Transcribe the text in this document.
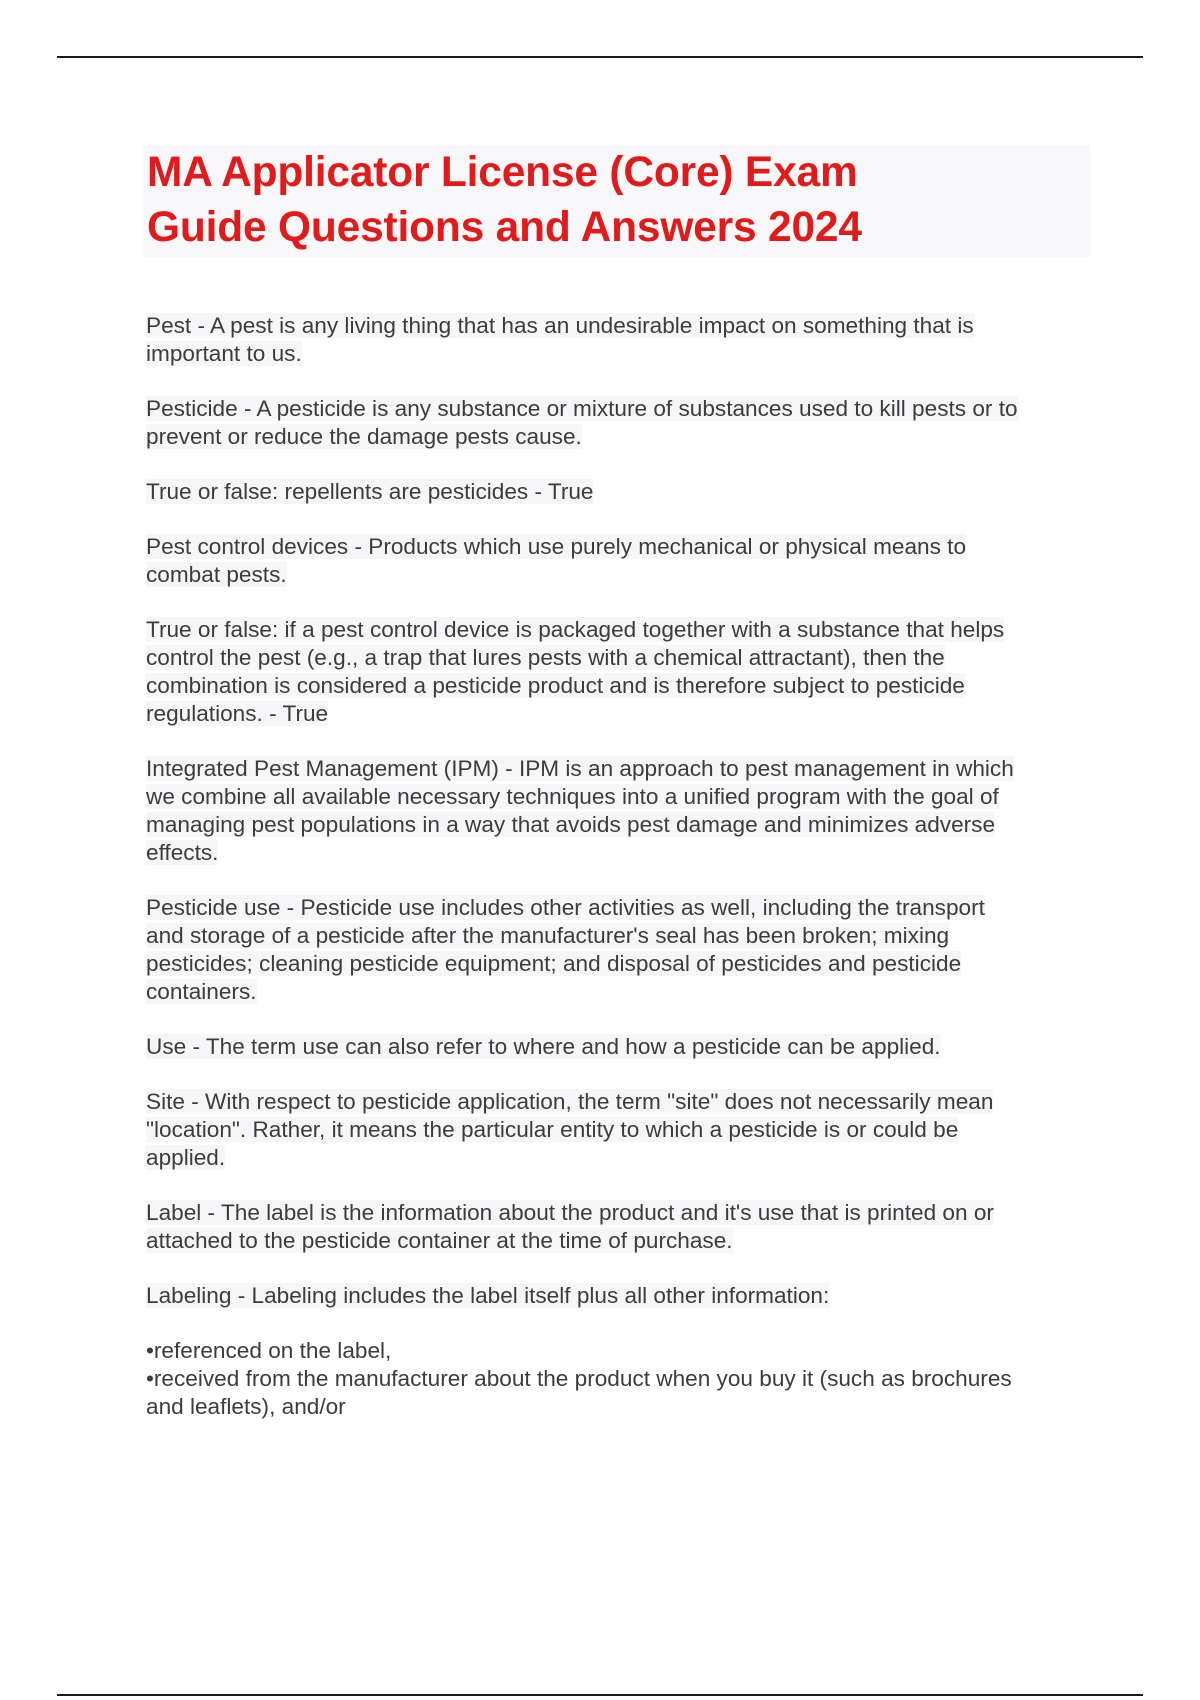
MA Applicator License (Core) Exam
Guide Questions and Answers 2024
Pest - A pest is any living thing that has an undesirable impact on something that is
important to us.
Pesticide - A pesticide is any substance or mixture of substances used to kill pests or to
prevent or reduce the damage pests cause.
True or false: repellents are pesticides - True
Pest control devices - Products which use purely mechanical or physical means to
combat pests.
True or false: if a pest control device is packaged together with a substance that helps
control the pest (e.g., a trap that lures pests with a chemical attractant), then the
combination is considered a pesticide product and is therefore subject to pesticide
regulations. - True
Integrated Pest Management (IPM) - IPM is an approach to pest management in which
we combine all available necessary techniques into a unified program with the goal of
managing pest populations in a way that avoids pest damage and minimizes adverse
effects.
Pesticide use - Pesticide use includes other activities as well, including the transport
and storage of a pesticide after the manufacturer's seal has been broken; mixing
pesticides; cleaning pesticide equipment; and disposal of pesticides and pesticide
containers.
Use - The term use can also refer to where and how a pesticide can be applied.
Site - With respect to pesticide application, the term "site" does not necessarily mean
"location". Rather, it means the particular entity to which a pesticide is or could be
applied.
Label - The label is the information about the product and it's use that is printed on or
attached to the pesticide container at the time of purchase.
Labeling - Labeling includes the label itself plus all other information:
•referenced on the label,
•received from the manufacturer about the product when you buy it (such as brochures
and leaflets), and/or
